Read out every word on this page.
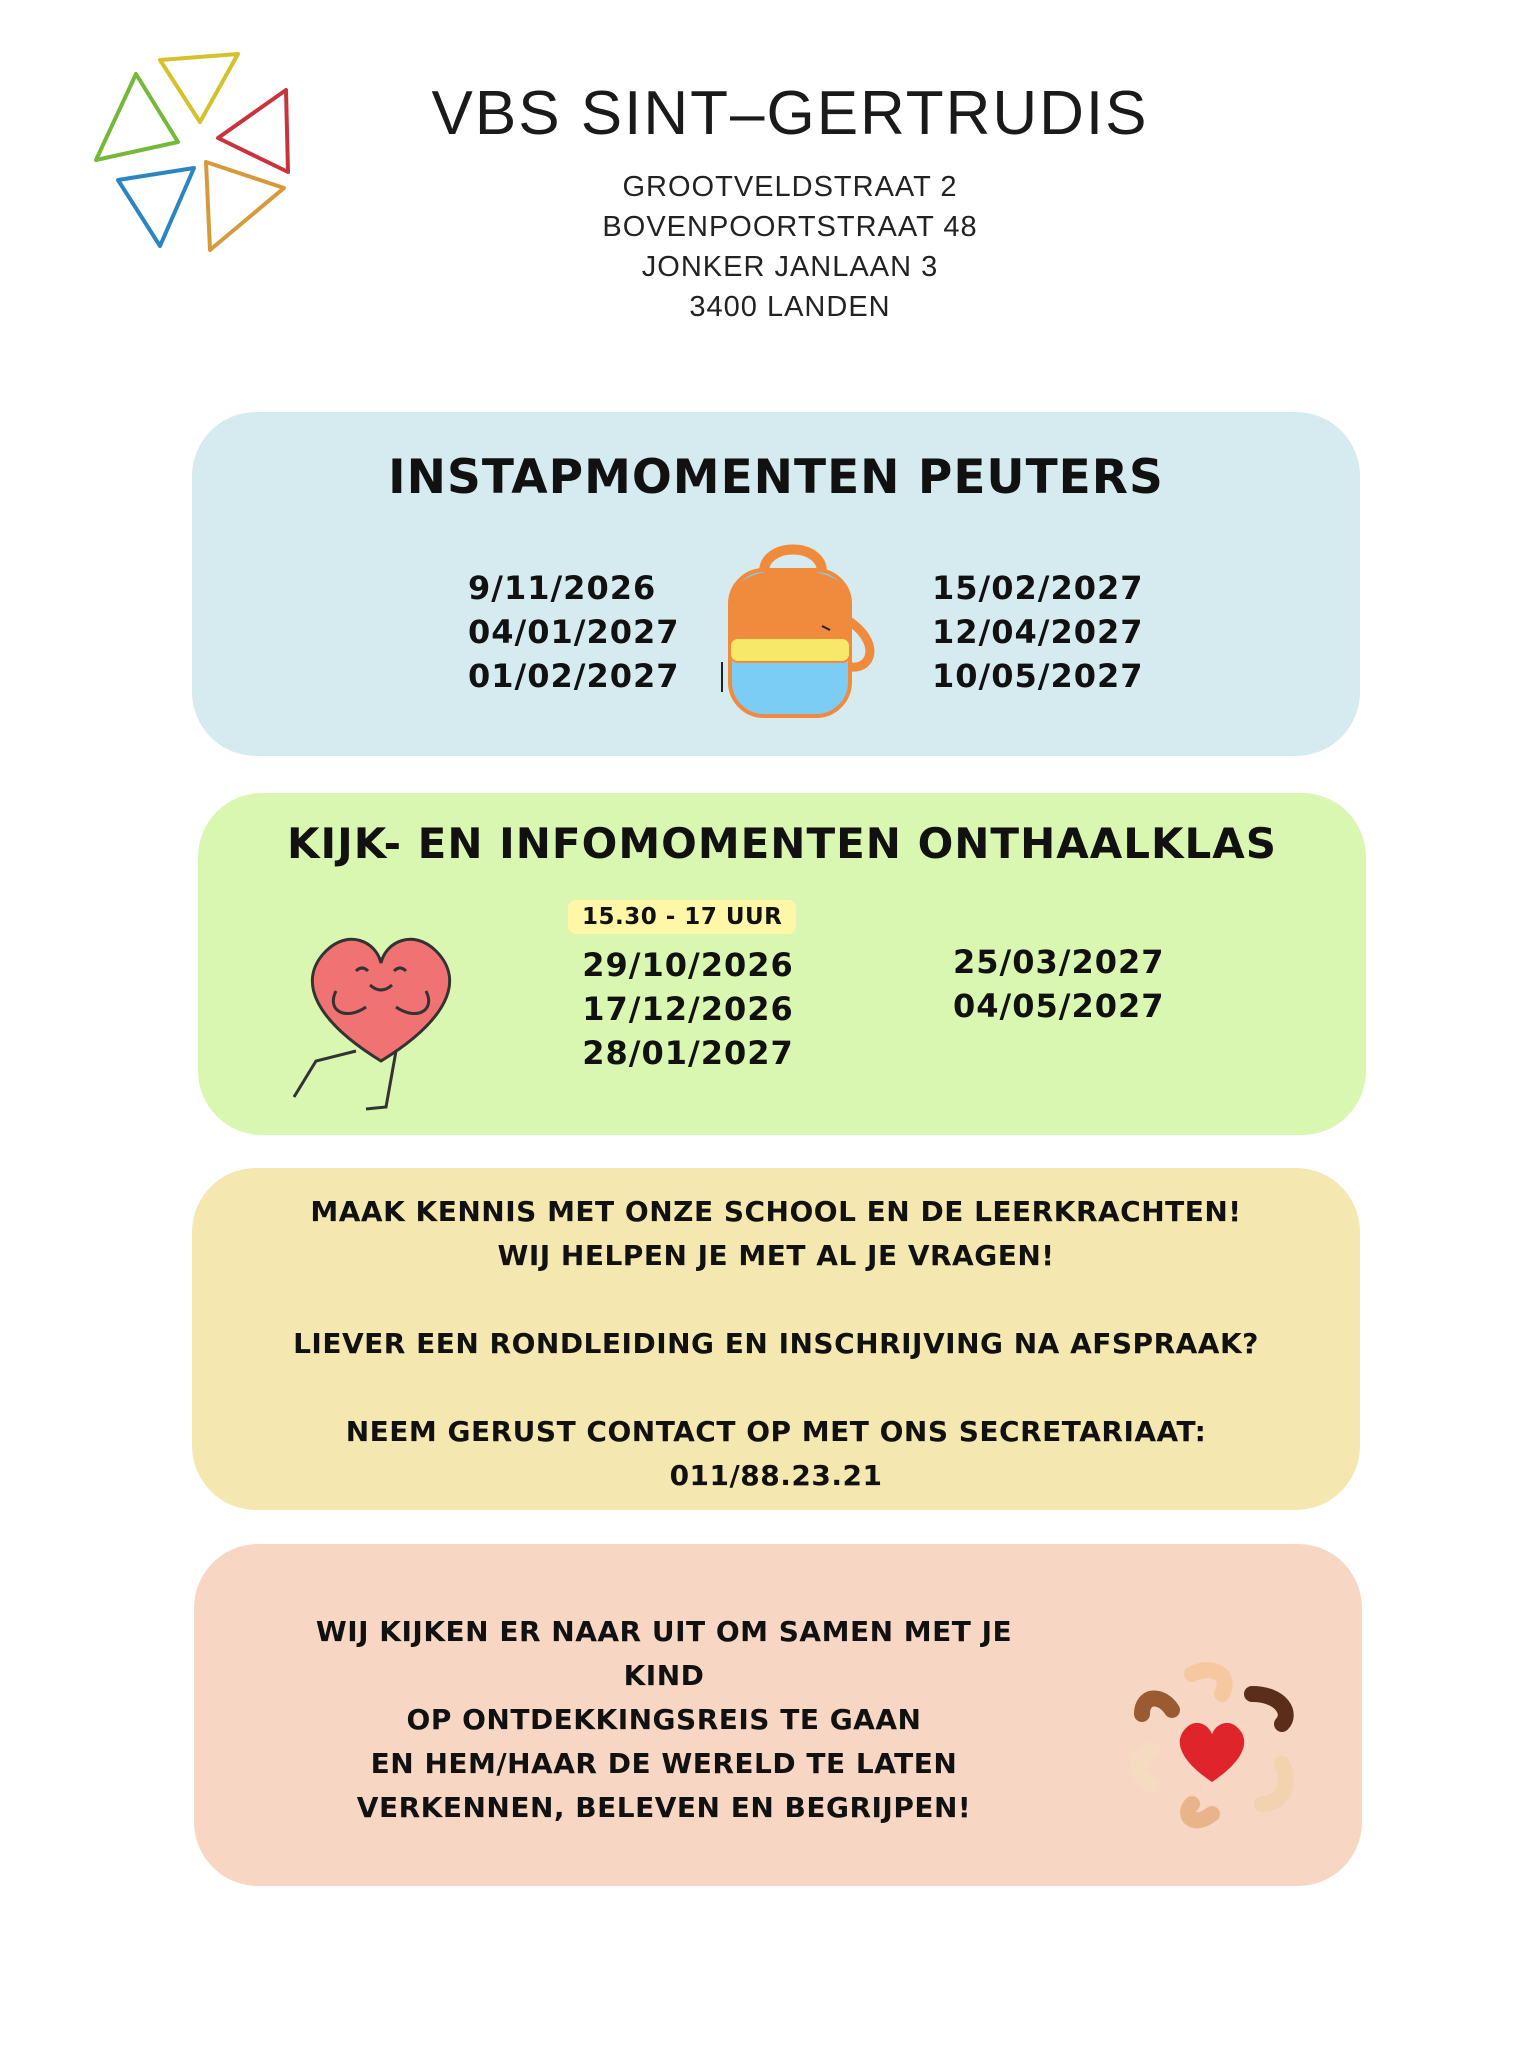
VBS SINT–GERTRUDIS
GROOTVELDSTRAAT 2
BOVENPOORTSTRAAT 48
JONKER JANLAAN 3
3400 LANDEN
INSTAPMOMENTEN PEUTERS
9/11/2026
04/01/2027
01/02/2027
15/02/2027
12/04/2027
10/05/2027
KIJK- EN INFOMOMENTEN ONTHAALKLAS
15.30 - 17 UUR
29/10/2026
17/12/2026
28/01/2027
25/03/2027
04/05/2027

MAAK KENNIS MET ONZE SCHOOL EN DE LEERKRACHTEN!

WIJ HELPEN JE MET AL JE VRAGEN!

LIEVER EEN RONDLEIDING EN INSCHRIJVING NA AFSPRAAK?

NEEM GERUST CONTACT OP MET ONS SECRETARIAAT:

011/88.23.21

WIJ KIJKEN ER NAAR UIT OM SAMEN MET JE KIND

OP ONTDEKKINGSREIS TE GAAN

EN HEM/HAAR DE WERELD TE LATEN

VERKENNEN, BELEVEN EN BEGRIJPEN!
